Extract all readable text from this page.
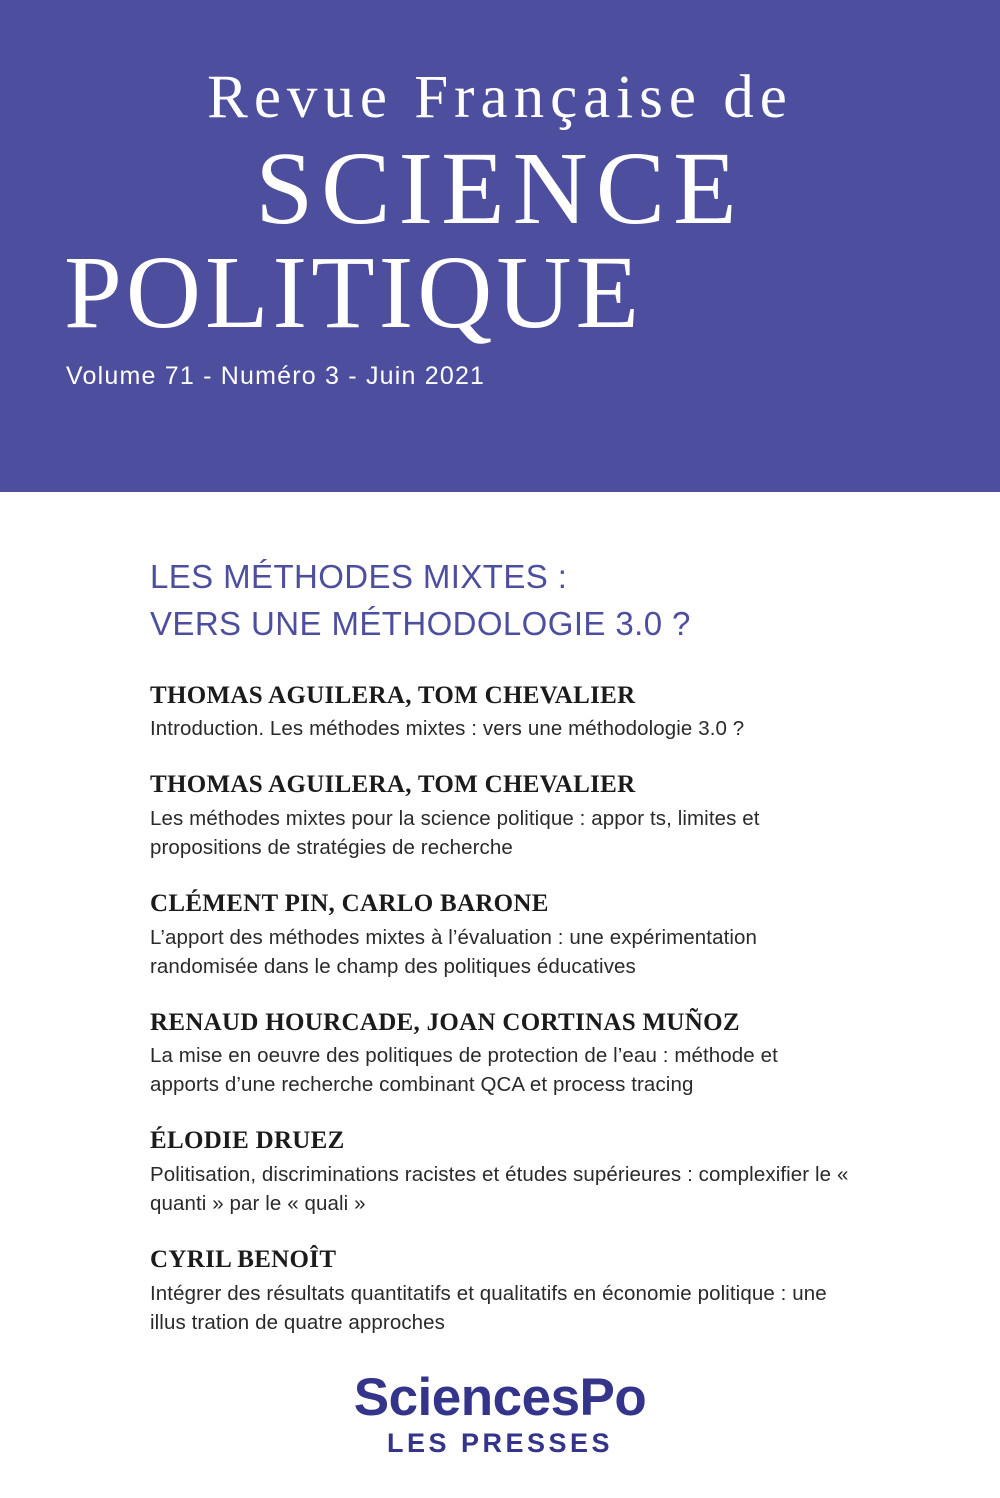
Revue Française de
SCIENCE
POLITIQUE
Volume 71 - Numéro 3 - Juin 2021
LES MÉTHODES MIXTES :
VERS UNE MÉTHODOLOGIE 3.0 ?

THOMAS AGUILERA, TOM CHEVALIER

Introduction. Les méthodes mixtes : vers une méthodologie 3.0 ?

THOMAS AGUILERA, TOM CHEVALIER

Les méthodes mixtes pour la science politique : appor ts, limites et propositions de stratégies de recherche

CLÉMENT PIN, CARLO BARONE

L’apport des méthodes mixtes à l’évaluation : une expérimentation randomisée dans le champ des politiques éducatives

RENAUD HOURCADE, JOAN CORTINAS MUÑOZ

La mise en oeuvre des politiques de protection de l’eau : méthode et apports d’une recherche combinant QCA et process tracing

ÉLODIE DRUEZ

Politisation, discriminations racistes et études supérieures : complexifier le « quanti » par le « quali »

CYRIL BENOÎT

Intégrer des résultats quantitatifs et qualitatifs en économie politique : une illus tration de quatre approches

SciencesPo
LES PRESSES
